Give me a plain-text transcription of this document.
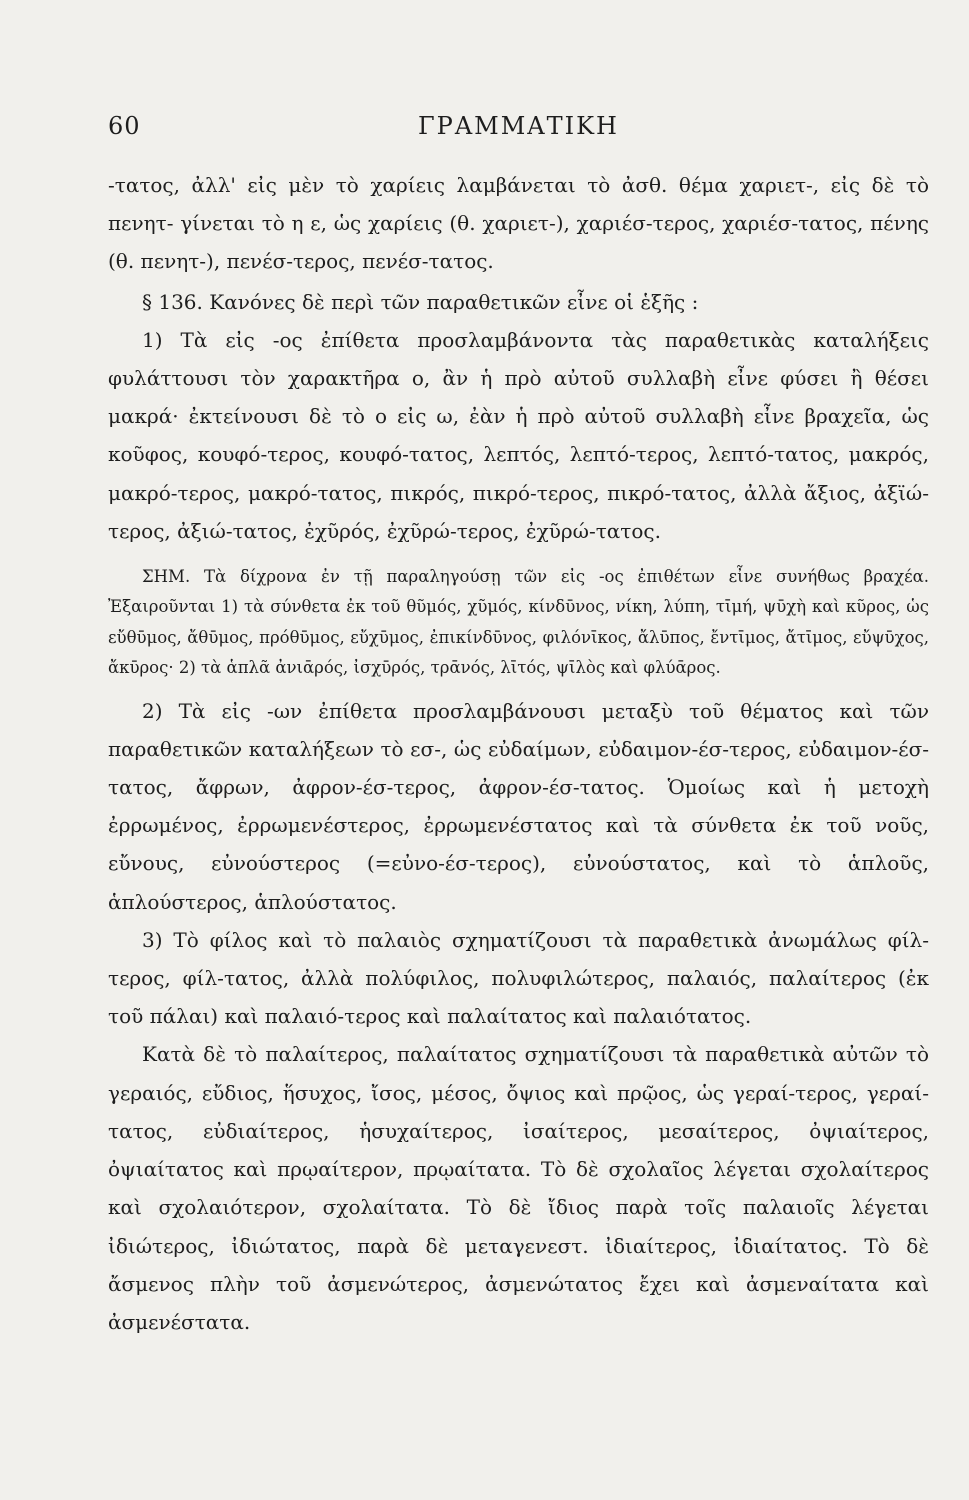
60	ΓΡΑΜΜΑΤΙΚΗ

-τατος, ἀλλ' εἰς μὲν τὸ χαρίεις λαμβάνεται τὸ ἀσθ. θέμα χαριετ-, εἰς δὲ τὸ πενητ- γίνεται τὸ η ε, ὡς χαρίεις (θ. χαριετ-), χαριέσ-τερος, χαριέσ-τατος, πένης (θ. πενητ-), πενέσ-τερος, πενέσ-τατος.

§ 136. Κανόνες δὲ περὶ τῶν παραθετικῶν εἶνε οἱ ἑξῆς :

1) Τὰ εἰς -ος ἐπίθετα προσλαμβάνοντα τὰς παραθετικὰς καταλήξεις φυλάττουσι τὸν χαρακτῆρα ο, ἂν ἡ πρὸ αὐτοῦ συλλαβὴ εἶνε φύσει ἢ θέσει μακρά· ἐκτείνουσι δὲ τὸ ο εἰς ω, ἐὰν ἡ πρὸ αὐτοῦ συλλαβὴ εἶνε βραχεῖα, ὡς κοῦφος, κουφό-τερος, κουφό-τατος, λεπτός, λεπτό-τερος, λεπτό-τατος, μακρός, μακρό-τερος, μακρό-τατος, πικρός, πικρό-τερος, πικρό-τατος, ἀλλὰ ἄξιος, ἀξϊώ-τερος, ἀξιώ-τατος, ἐχῦρός, ἐχῦρώ-τερος, ἐχῦρώ-τατος.

ΣΗΜ. Τὰ δίχρονα ἐν τῇ παραληγούσῃ τῶν εἰς -ος ἐπιθέτων εἶνε συνήθως βραχέα. Ἐξαιροῦνται 1) τὰ σύνθετα ἐκ τοῦ θῦμός, χῦμός, κίνδῡνος, νίκη, λύπη, τῑμή, ψῡχὴ καὶ κῦρος, ὡς εὔθῡμος, ἄθῡμος, πρόθῡμος, εὔχῡμος, ἐπικίνδῡνος, φιλόνῑκος, ἄλῡπος, ἔντῑμος, ἄτῑμος, εὔψῡχος, ἄκῡρος· 2) τὰ ἁπλᾶ ἀνιᾱρός, ἰσχῡρός, τρᾱνός, λῑτός, ψῑλὸς καὶ φλύᾱρος.

2) Τὰ εἰς -ων ἐπίθετα προσλαμβάνουσι μεταξὺ τοῦ θέματος καὶ τῶν παραθετικῶν καταλήξεων τὸ εσ-, ὡς εὐδαίμων, εὐδαιμον-έσ-τερος, εὐδαιμον-έσ-τατος, ἄφρων, ἀφρον-έσ-τερος, ἀφρον-έσ-τατος. Ὁμοίως καὶ ἡ μετοχὴ ἐρρωμένος, ἐρρωμενέστερος, ἐρρωμενέστατος καὶ τὰ σύνθετα ἐκ τοῦ νοῦς, εὔνους, εὐνούστερος (=εὐνο-έσ-τερος), εὐνούστατος, καὶ τὸ ἁπλοῦς, ἁπλούστερος, ἁπλούστατος.

3) Τὸ φίλος καὶ τὸ παλαιὸς σχηματίζουσι τὰ παραθετικὰ ἀνωμάλως φίλ-τερος, φίλ-τατος, ἀλλὰ πολύφιλος, πολυφιλώτερος, παλαιός, παλαίτερος (ἐκ τοῦ πάλαι) καὶ παλαιό-τερος καὶ παλαίτατος καὶ παλαιότατος.

Κατὰ δὲ τὸ παλαίτερος, παλαίτατος σχηματίζουσι τὰ παραθετικὰ αὐτῶν τὸ γεραιός, εὔδιος, ἥσυχος, ἴσος, μέσος, ὄψιος καὶ πρῷος, ὡς γεραί-τερος, γεραί-τατος, εὐδιαίτερος, ἡσυχαίτερος, ἰσαίτερος, μεσαίτερος, ὀψιαίτερος, ὀψιαίτατος καὶ πρῳαίτερον, πρῳαίτατα. Τὸ δὲ σχολαῖος λέγεται σχολαίτερος καὶ σχολαιότερον, σχολαίτατα. Τὸ δὲ ἴδιος παρὰ τοῖς παλαιοῖς λέγεται ἰδιώτερος, ἰδιώτατος, παρὰ δὲ μεταγενεστ. ἰδιαίτερος, ἰδιαίτατος. Τὸ δὲ ἄσμενος πλὴν τοῦ ἀσμενώτερος, ἀσμενώτατος ἔχει καὶ ἀσμεναίτατα καὶ ἀσμενέστατα.
